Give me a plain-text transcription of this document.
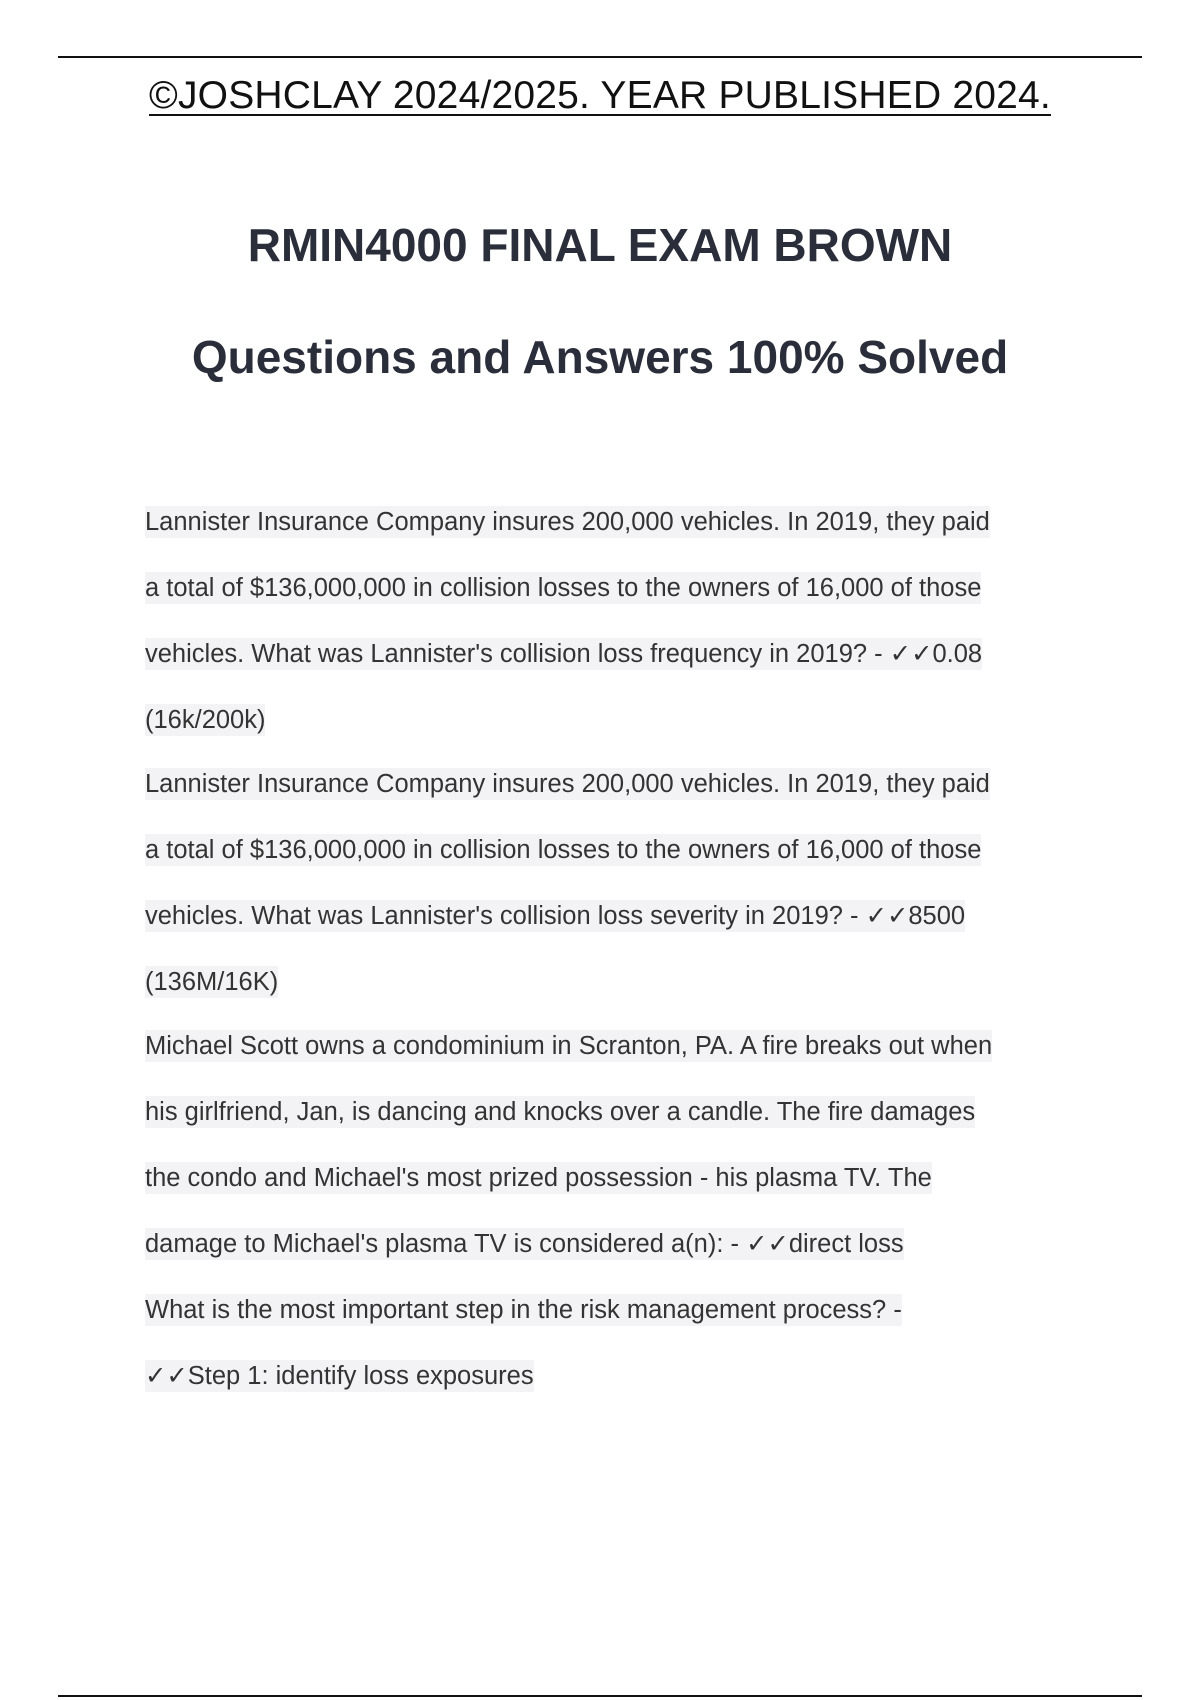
©JOSHCLAY 2024/2025. YEAR PUBLISHED 2024.
RMIN4000 FINAL EXAM BROWN
Questions and Answers 100% Solved
Lannister Insurance Company insures 200,000 vehicles. In 2019, they paid
a total of $136,000,000 in collision losses to the owners of 16,000 of those
vehicles. What was Lannister's collision loss frequency in 2019? - ✓✓0.08
(16k/200k)
Lannister Insurance Company insures 200,000 vehicles. In 2019, they paid
a total of $136,000,000 in collision losses to the owners of 16,000 of those
vehicles. What was Lannister's collision loss severity in 2019? - ✓✓8500
(136M/16K)
Michael Scott owns a condominium in Scranton, PA. A fire breaks out when
his girlfriend, Jan, is dancing and knocks over a candle. The fire damages
the condo and Michael's most prized possession - his plasma TV. The
damage to Michael's plasma TV is considered a(n): - ✓✓direct loss
What is the most important step in the risk management process? -
✓✓Step 1: identify loss exposures
